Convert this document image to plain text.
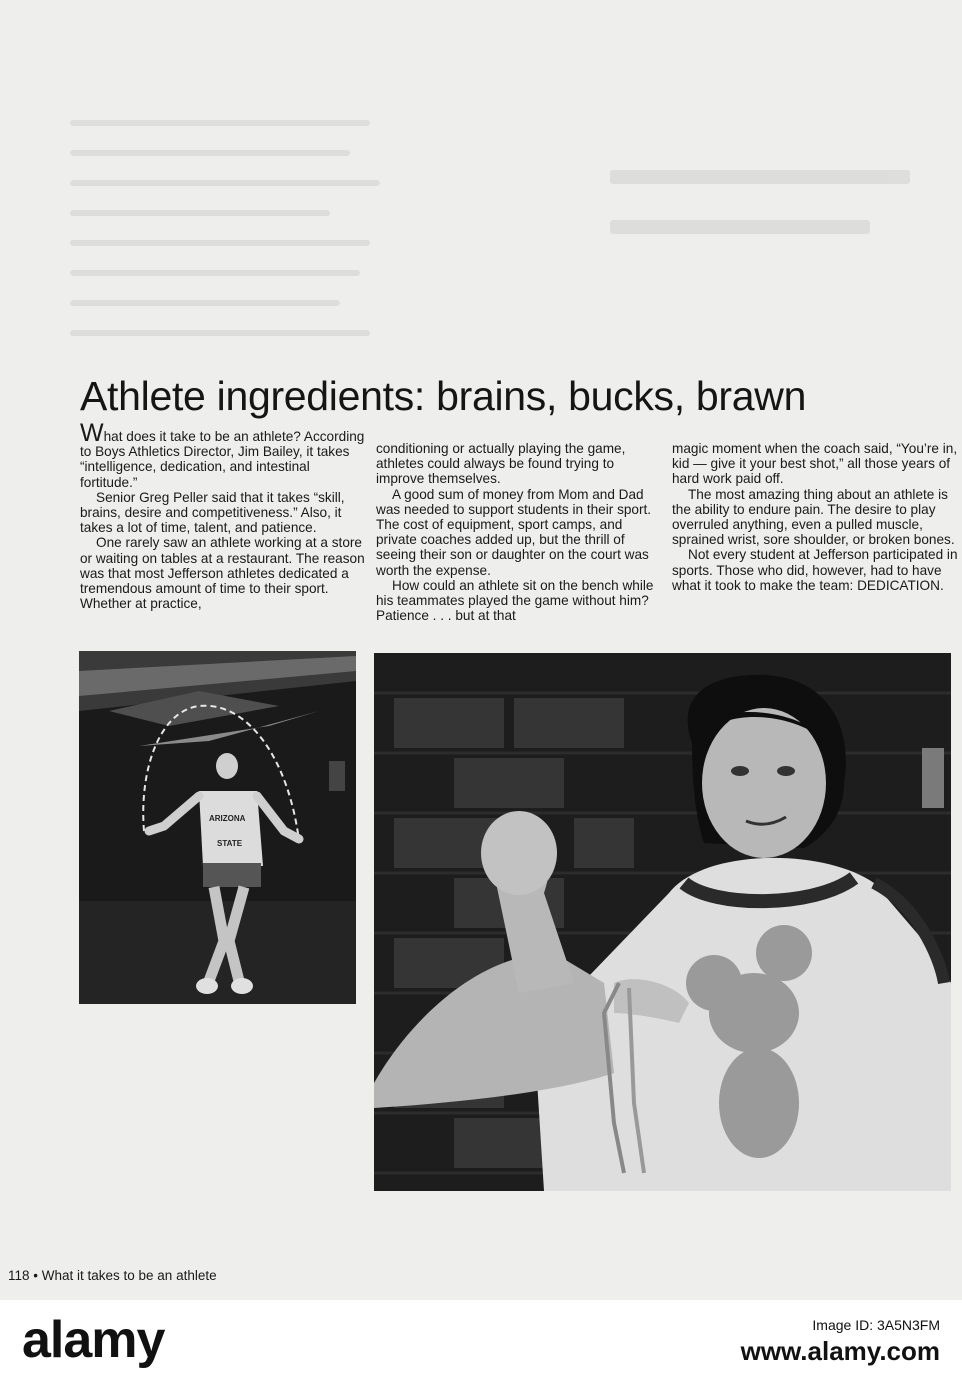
Athlete ingredients: brains, bucks, brawn

What does it take to be an athlete? According to Boys Athletics Director, Jim Bailey, it takes “intelligence, dedication, and intestinal fortitude.”

Senior Greg Peller said that it takes “skill, brains, desire and competitiveness.” Also, it takes a lot of time, talent, and patience.

One rarely saw an athlete working at a store or waiting on tables at a restaurant. The reason was that most Jefferson athletes dedicated a tremendous amount of time to their sport. Whether at practice,

conditioning or actually playing the game, athletes could always be found trying to improve themselves.

A good sum of money from Mom and Dad was needed to support students in their sport. The cost of equipment, sport camps, and private coaches added up, but the thrill of seeing their son or daughter on the court was worth the expense.

How could an athlete sit on the bench while his teammates played the game without him? Patience . . . but at that

magic moment when the coach said, “You’re in, kid — give it your best shot,” all those years of hard work paid off.

The most amazing thing about an athlete is the ability to endure pain. The desire to play overruled anything, even a pulled muscle, sprained wrist, sore shoulder, or broken bones.

Not every student at Jefferson participated in sports. Those who did, however, had to have what it took to make the team: DEDICATION.

ARIZONA
STATE
118 • What it takes to be an athlete
alamy	Image ID: 3A5N3FM
www.alamy.com
